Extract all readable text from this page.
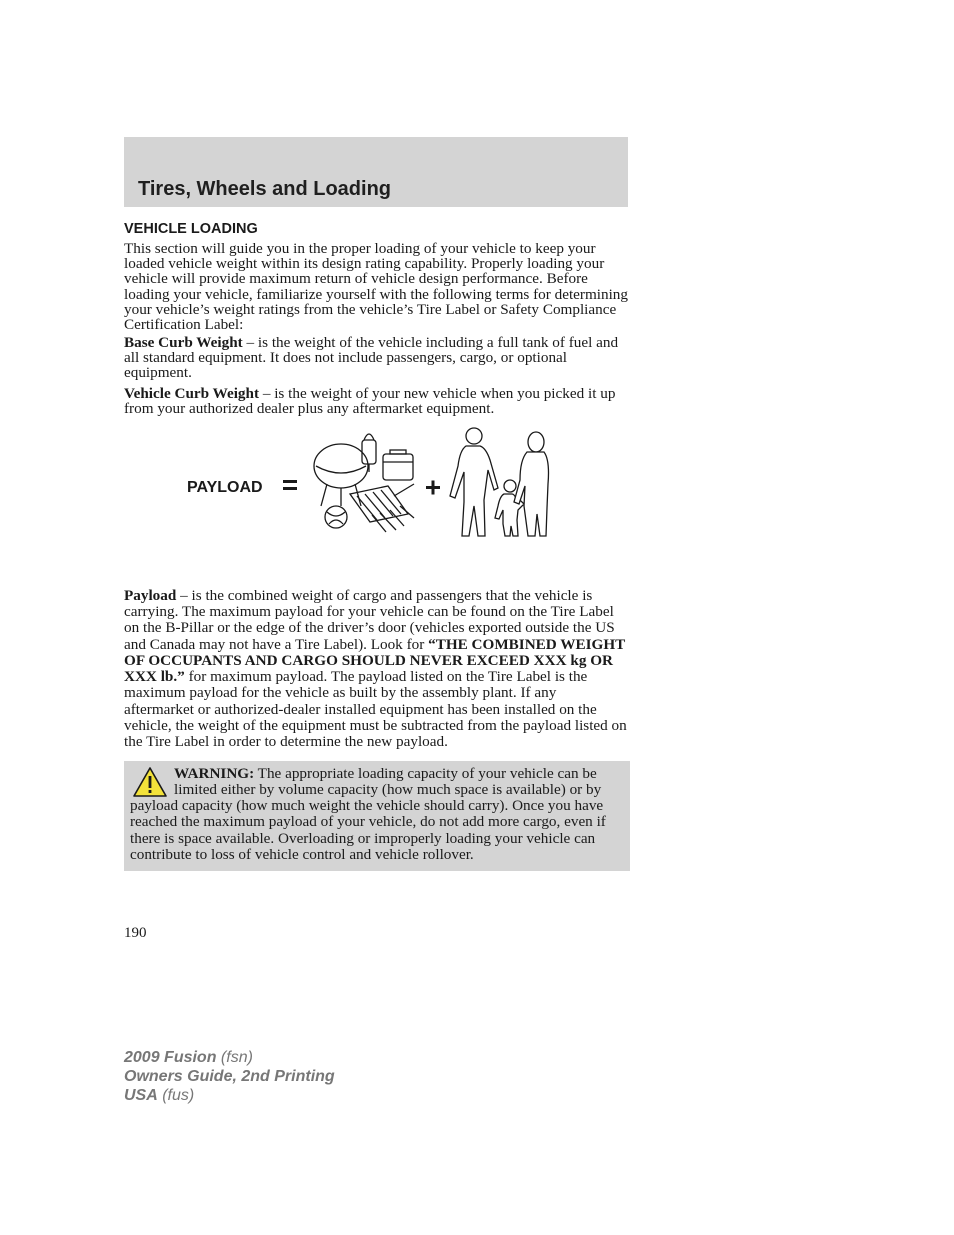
Tires, Wheels and Loading
VEHICLE LOADING

This section will guide you in the proper loading of your vehicle to keep your loaded vehicle weight within its design rating capability. Properly loading your vehicle will provide maximum return of vehicle design performance. Before loading your vehicle, familiarize yourself with the following terms for determining your vehicle’s weight ratings from the vehicle’s Tire Label or Safety Compliance Certification Label:

Base Curb Weight – is the weight of the vehicle including a full tank of fuel and all standard equipment. It does not include passengers, cargo, or optional equipment.

Vehicle Curb Weight – is the weight of your new vehicle when you picked it up from your authorized dealer plus any aftermarket equipment.

PAYLOAD

Payload – is the combined weight of cargo and passengers that the vehicle is carrying. The maximum payload for your vehicle can be found on the Tire Label on the B-Pillar or the edge of the driver’s door (vehicles exported outside the US and Canada may not have a Tire Label). Look for “THE COMBINED WEIGHT OF OCCUPANTS AND CARGO SHOULD NEVER EXCEED XXX kg OR XXX lb.” for maximum payload. The payload listed on the Tire Label is the maximum payload for the vehicle as built by the assembly plant. If any aftermarket or authorized-dealer installed equipment has been installed on the vehicle, the weight of the equipment must be subtracted from the payload listed on the Tire Label in order to determine the new payload.

WARNING: The appropriate loading capacity of your vehicle can be limited either by volume capacity (how much space is available) or by payload capacity (how much weight the vehicle should carry). Once you have reached the maximum payload of your vehicle, do not add more cargo, even if there is space available. Overloading or improperly loading your vehicle can contribute to loss of vehicle control and vehicle rollover.

190
2009 Fusion (fsn)
Owners Guide, 2nd Printing
USA (fus)
